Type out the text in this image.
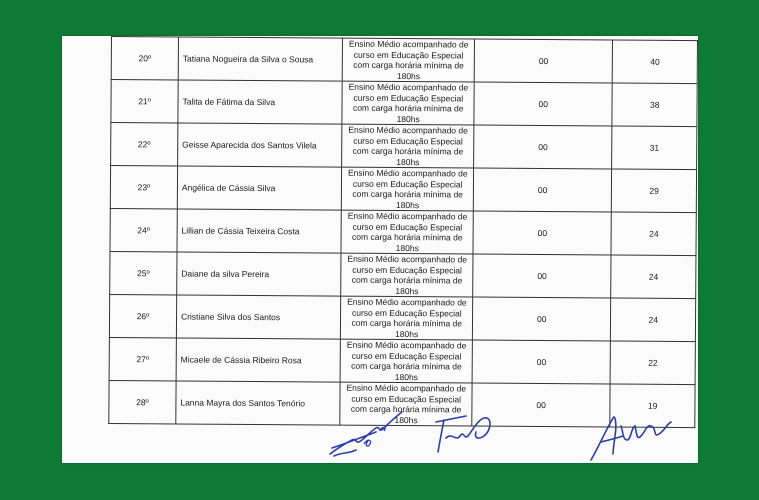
20º	Tatiana Nogueira da Silva o Sousa	Ensino Médio acompanhado de curso em Educação Especial com carga horária mínima de 180hs	00	40
21º	Talita de Fátima da Silva	Ensino Médio acompanhado de curso em Educação Especial com carga horária mínima de 180hs	00	38
22º	Geisse Aparecida dos Santos Vilela	Ensino Médio acompanhado de curso em Educação Especial com carga horária mínima de 180hs	00	31
23º	Angélica de Cássia Silva	Ensino Médio acompanhado de curso em Educação Especial com carga horária mínima de 180hs	00	29
24º	Lillian de Cássia Teixeira Costa	Ensino Médio acompanhado de curso em Educação Especial com carga horária mínima de 180hs	00	24
25º	Daiane da silva Pereira	Ensino Médio acompanhado de curso em Educação Especial com carga horária mínima de 180hs	00	24
26º	Cristiane Silva dos Santos	Ensino Médio acompanhado de curso em Educação Especial com carga horária mínima de 180hs	00	24
27º	Micaele de Cássia Ribeiro Rosa	Ensino Médio acompanhado de curso em Educação Especial com carga horária mínima de 180hs	00	22
28º	Lanna Mayra dos Santos Tenório	Ensino Médio acompanhado de curso em Educação Especial com carga horária mínima de 180hs	00	19
